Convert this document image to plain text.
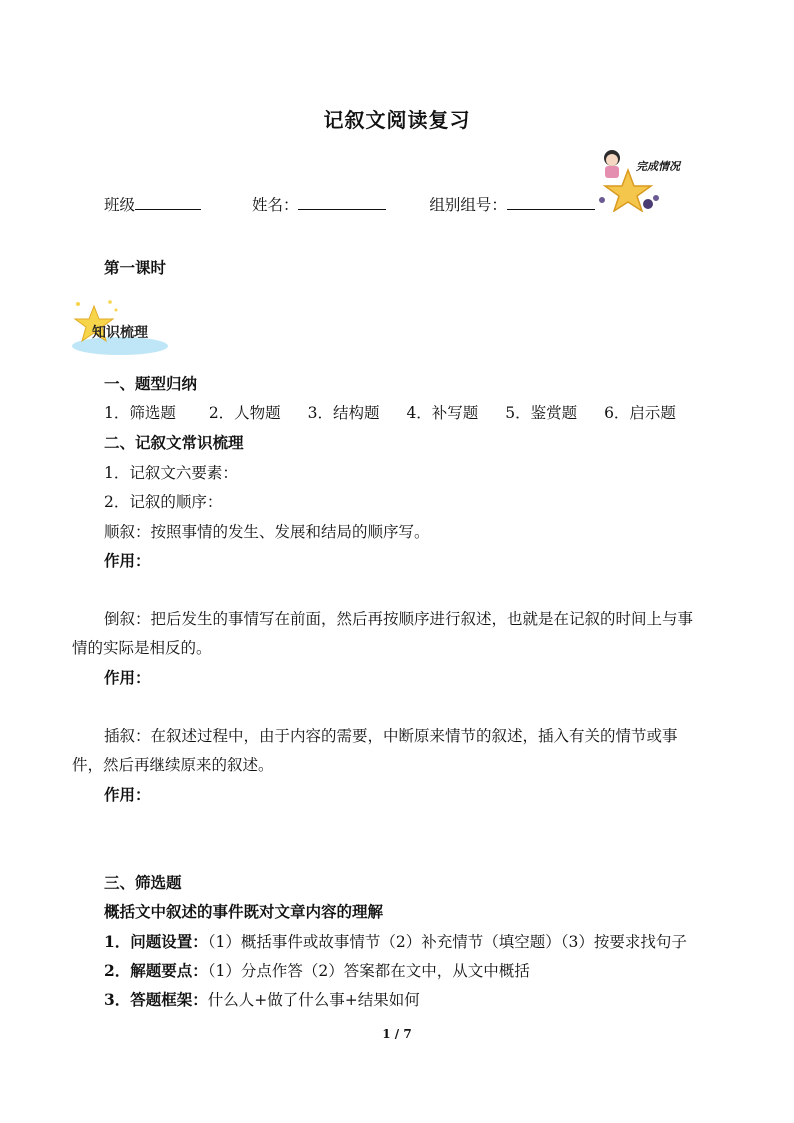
记叙文阅读复习
完成情况
班级	姓名：	组别组号：
第一课时
知识梳理
一、题型归纳
1．筛选题 2．人物题 3．结构题 4．补写题 5．鉴赏题 6．启示题
二、记叙文常识梳理
1．记叙文六要素：
2．记叙的顺序：
顺叙：按照事情的发生、发展和结局的顺序写。
作用：
倒叙：把后发生的事情写在前面，然后再按顺序进行叙述，也就是在记叙的时间上与事
情的实际是相反的。
作用：
插叙：在叙述过程中，由于内容的需要，中断原来情节的叙述，插入有关的情节或事
件，然后再继续原来的叙述。
作用：
三、筛选题
概括文中叙述的事件既对文章内容的理解
1．问题设置：（1）概括事件或故事情节（2）补充情节（填空题）（3）按要求找句子
2．解题要点：（1）分点作答（2）答案都在文中，从文中概括
3．答题框架：什么人+做了什么事+结果如何
1 / 7
